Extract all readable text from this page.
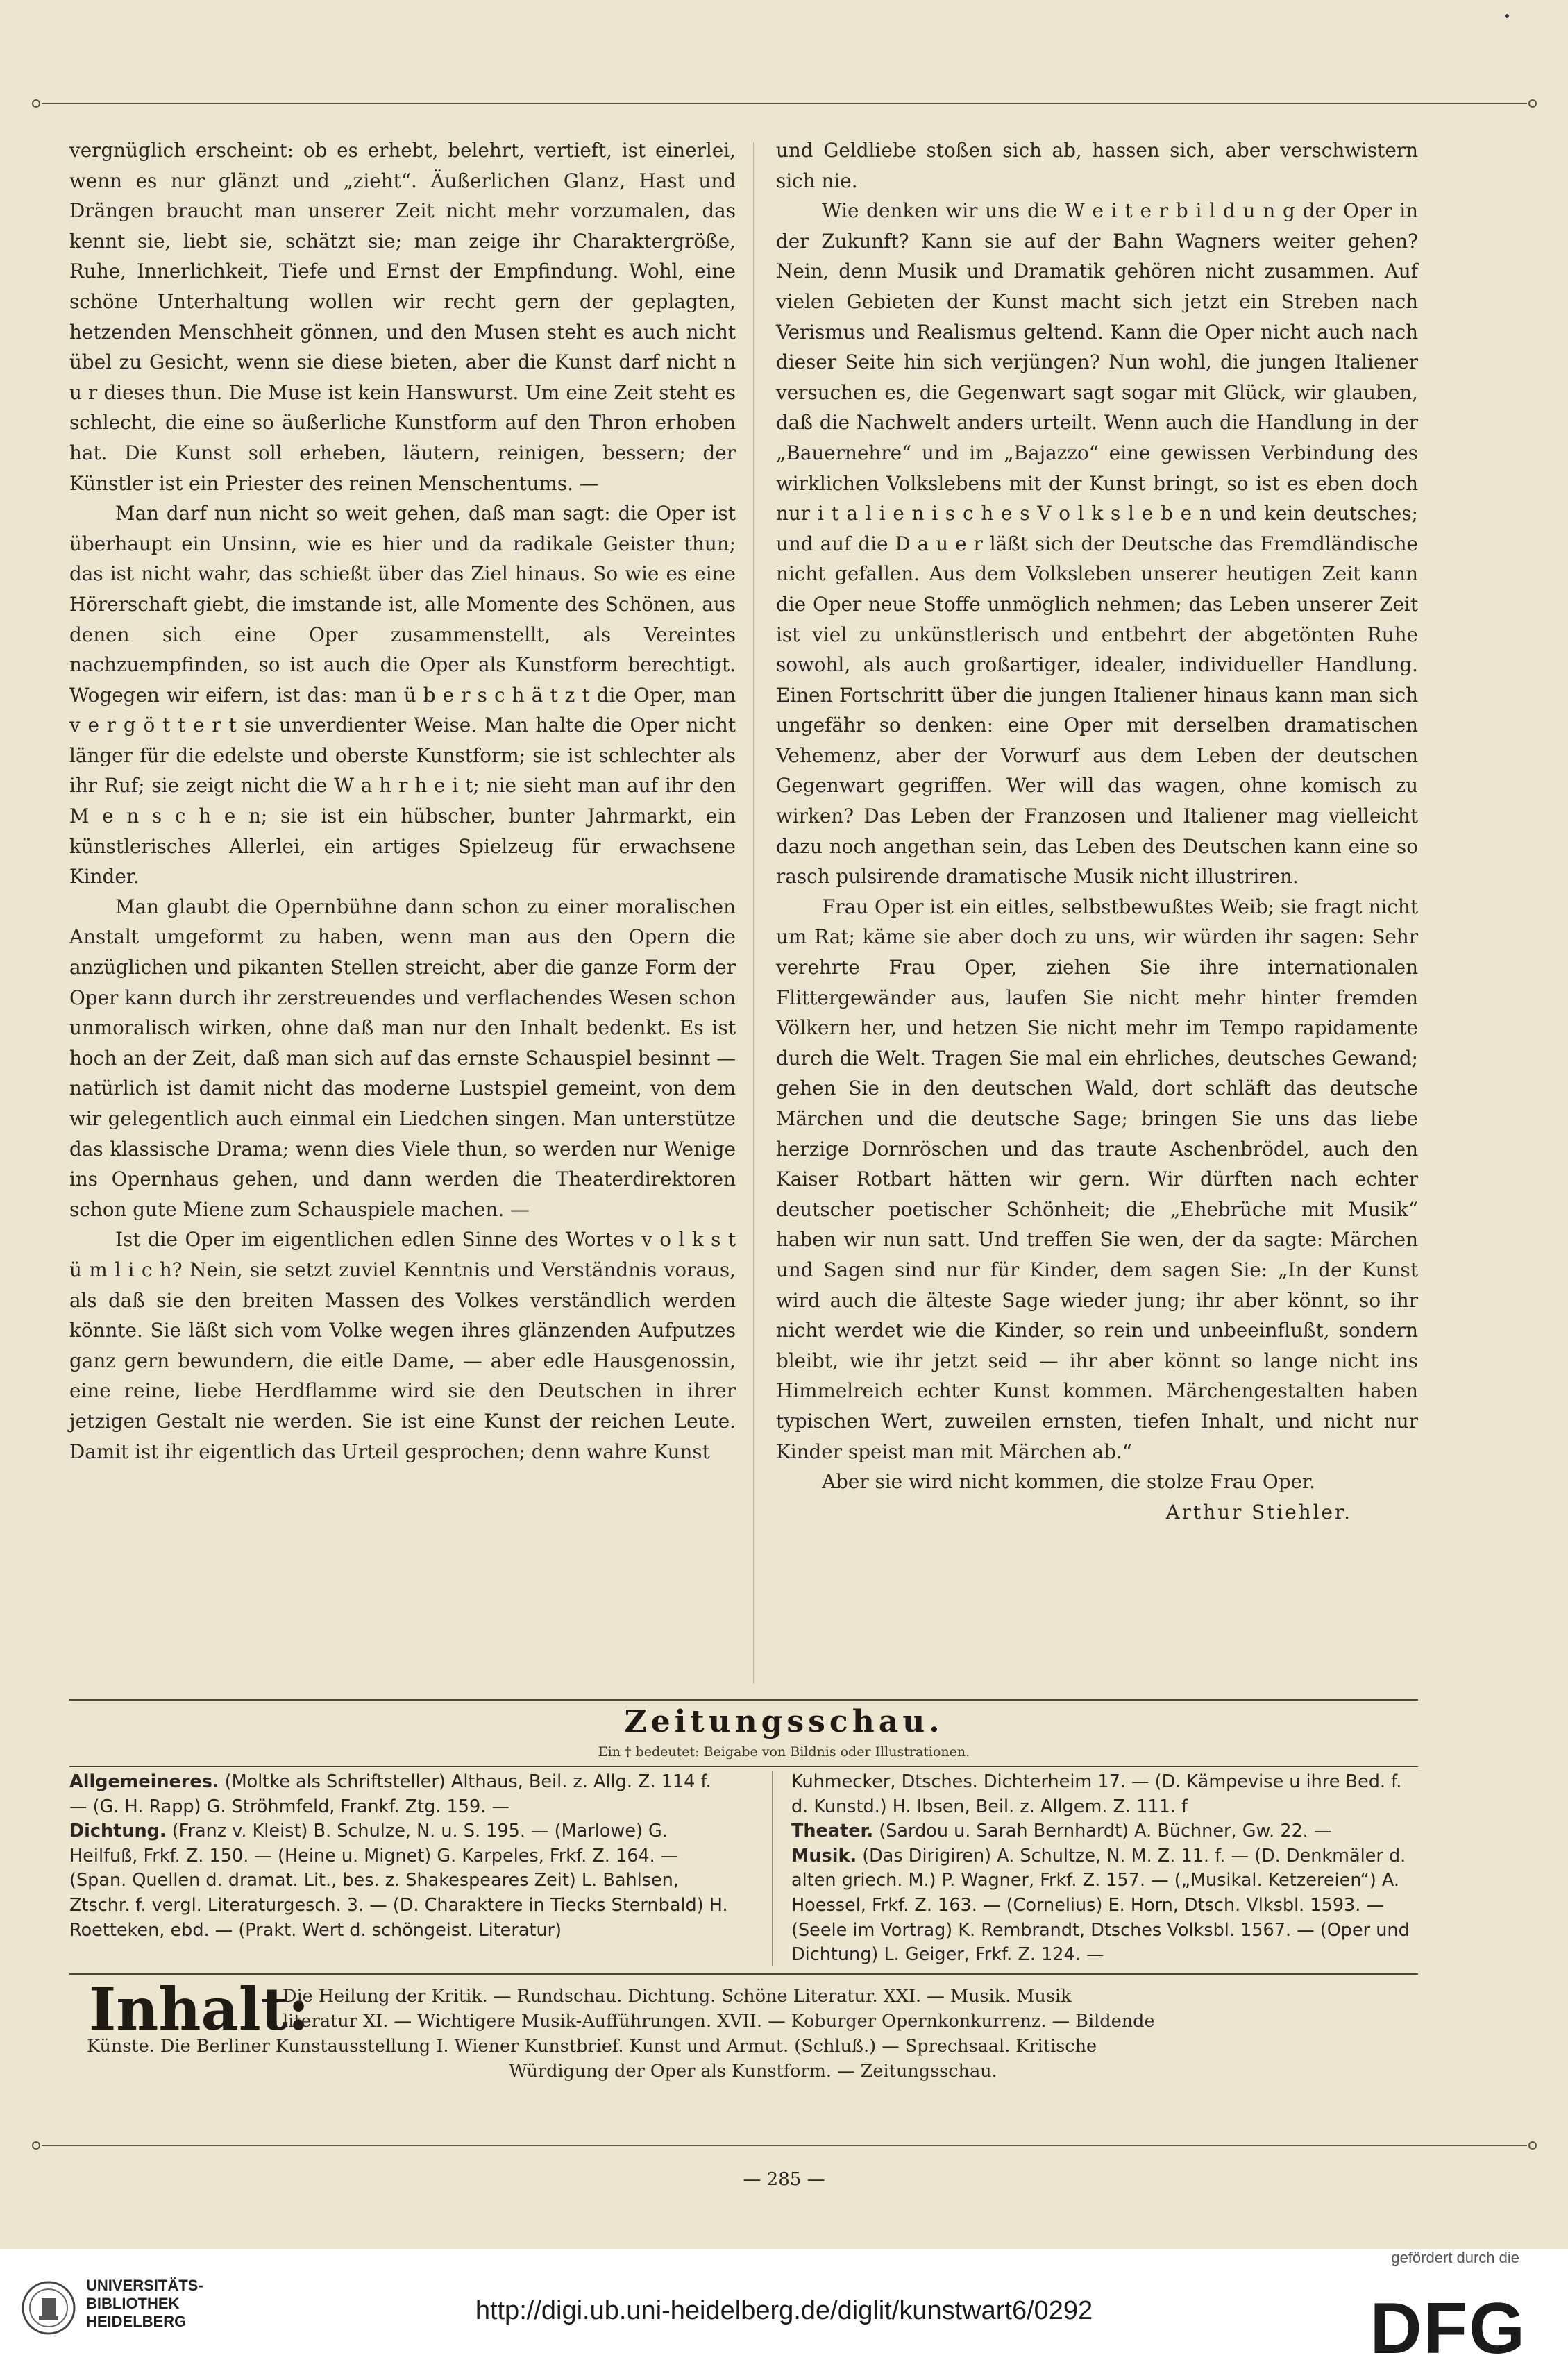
vergnüglich erscheint: ob es erhebt, belehrt, vertieft, ist einerlei, wenn es nur glänzt und „zieht“. Äußerlichen Glanz, Hast und Drängen braucht man unserer Zeit nicht mehr vorzumalen, das kennt sie, liebt sie, schätzt sie; man zeige ihr Charaktergröße, Ruhe, Innerlichkeit, Tiefe und Ernst der Empfindung. Wohl, eine schöne Unterhaltung wollen wir recht gern der geplagten, hetzenden Menschheit gönnen, und den Musen steht es auch nicht übel zu Gesicht, wenn sie diese bieten, aber die Kunst darf nicht n u r dieses thun. Die Muse ist kein Hanswurst. Um eine Zeit steht es schlecht, die eine so äußerliche Kunstform auf den Thron erhoben hat. Die Kunst soll erheben, läutern, reinigen, bessern; der Künstler ist ein Priester des reinen Menschentums. —

Man darf nun nicht so weit gehen, daß man sagt: die Oper ist überhaupt ein Unsinn, wie es hier und da radikale Geister thun; das ist nicht wahr, das schießt über das Ziel hinaus. So wie es eine Hörerschaft giebt, die imstande ist, alle Momente des Schönen, aus denen sich eine Oper zusammenstellt, als Vereintes nachzuempfinden, so ist auch die Oper als Kunstform berechtigt. Wogegen wir eifern, ist das: man ü b e r s c h ä t z t die Oper, man v e r g ö t t e r t sie unverdienter Weise. Man halte die Oper nicht länger für die edelste und oberste Kunstform; sie ist schlechter als ihr Ruf; sie zeigt nicht die W a h r h e i t; nie sieht man auf ihr den M e n s c h e n; sie ist ein hübscher, bunter Jahrmarkt, ein künstlerisches Allerlei, ein artiges Spielzeug für erwachsene Kinder.

Man glaubt die Opernbühne dann schon zu einer moralischen Anstalt umgeformt zu haben, wenn man aus den Opern die anzüglichen und pikanten Stellen streicht, aber die ganze Form der Oper kann durch ihr zerstreuendes und verflachendes Wesen schon unmoralisch wirken, ohne daß man nur den Inhalt bedenkt. Es ist hoch an der Zeit, daß man sich auf das ernste Schauspiel besinnt — natürlich ist damit nicht das moderne Lustspiel gemeint, von dem wir gelegentlich auch einmal ein Liedchen singen. Man unterstütze das klassische Drama; wenn dies Viele thun, so werden nur Wenige ins Opernhaus gehen, und dann werden die Theaterdirektoren schon gute Miene zum Schauspiele machen. —

Ist die Oper im eigentlichen edlen Sinne des Wortes v o l k s t ü m l i c h? Nein, sie setzt zuviel Kenntnis und Verständnis voraus, als daß sie den breiten Massen des Volkes verständlich werden könnte. Sie läßt sich vom Volke wegen ihres glänzenden Aufputzes ganz gern bewundern, die eitle Dame, — aber edle Hausgenossin, eine reine, liebe Herdflamme wird sie den Deutschen in ihrer jetzigen Gestalt nie werden. Sie ist eine Kunst der reichen Leute. Damit ist ihr eigentlich das Urteil gesprochen; denn wahre Kunst

und Geldliebe stoßen sich ab, hassen sich, aber verschwistern sich nie.

Wie denken wir uns die W e i t e r b i l d u n g der Oper in der Zukunft? Kann sie auf der Bahn Wagners weiter gehen? Nein, denn Musik und Dramatik gehören nicht zusammen. Auf vielen Gebieten der Kunst macht sich jetzt ein Streben nach Verismus und Realismus geltend. Kann die Oper nicht auch nach dieser Seite hin sich verjüngen? Nun wohl, die jungen Italiener versuchen es, die Gegenwart sagt sogar mit Glück, wir glauben, daß die Nachwelt anders urteilt. Wenn auch die Handlung in der „Bauernehre“ und im „Bajazzo“ eine gewissen Verbindung des wirklichen Volkslebens mit der Kunst bringt, so ist es eben doch nur i t a l i e n i s c h e s V o l k s l e b e n und kein deutsches; und auf die D a u e r läßt sich der Deutsche das Fremdländische nicht gefallen. Aus dem Volksleben unserer heutigen Zeit kann die Oper neue Stoffe unmöglich nehmen; das Leben unserer Zeit ist viel zu unkünstlerisch und entbehrt der abgetönten Ruhe sowohl, als auch großartiger, idealer, individueller Handlung. Einen Fortschritt über die jungen Italiener hinaus kann man sich ungefähr so denken: eine Oper mit derselben dramatischen Vehemenz, aber der Vorwurf aus dem Leben der deutschen Gegenwart gegriffen. Wer will das wagen, ohne komisch zu wirken? Das Leben der Franzosen und Italiener mag vielleicht dazu noch angethan sein, das Leben des Deutschen kann eine so rasch pulsirende dramatische Musik nicht illustriren.

Frau Oper ist ein eitles, selbstbewußtes Weib; sie fragt nicht um Rat; käme sie aber doch zu uns, wir würden ihr sagen: Sehr verehrte Frau Oper, ziehen Sie ihre internationalen Flittergewänder aus, laufen Sie nicht mehr hinter fremden Völkern her, und hetzen Sie nicht mehr im Tempo rapidamente durch die Welt. Tragen Sie mal ein ehrliches, deutsches Gewand; gehen Sie in den deutschen Wald, dort schläft das deutsche Märchen und die deutsche Sage; bringen Sie uns das liebe herzige Dornröschen und das traute Aschenbrödel, auch den Kaiser Rotbart hätten wir gern. Wir dürften nach echter deutscher poetischer Schönheit; die „Ehebrüche mit Musik“ haben wir nun satt. Und treffen Sie wen, der da sagte: Märchen und Sagen sind nur für Kinder, dem sagen Sie: „In der Kunst wird auch die älteste Sage wieder jung; ihr aber könnt, so ihr nicht werdet wie die Kinder, so rein und unbeeinflußt, sondern bleibt, wie ihr jetzt seid — ihr aber könnt so lange nicht ins Himmelreich echter Kunst kommen. Märchengestalten haben typischen Wert, zuweilen ernsten, tiefen Inhalt, und nicht nur Kinder speist man mit Märchen ab.“

Aber sie wird nicht kommen, die stolze Frau Oper.

Arthur Stiehler.

Zeitungsschau.
Ein † bedeutet: Beigabe von Bildnis oder Illustrationen.

Allgemeineres. (Moltke als Schriftsteller) Althaus, Beil. z. Allg. Z. 114 f. — (G. H. Rapp) G. Ströhmfeld, Frankf. Ztg. 159. —

Dichtung. (Franz v. Kleist) B. Schulze, N. u. S. 195. — (Marlowe) G. Heilfuß, Frkf. Z. 150. — (Heine u. Mignet) G. Karpeles, Frkf. Z. 164. — (Span. Quellen d. dramat. Lit., bes. z. Shakespeares Zeit) L. Bahlsen, Ztschr. f. vergl. Literaturgesch. 3. — (D. Charaktere in Tiecks Sternbald) H. Roetteken, ebd. — (Prakt. Wert d. schöngeist. Literatur)

Kuhmecker, Dtsches. Dichterheim 17. — (D. Kämpevise u ihre Bed. f. d. Kunstd.) H. Ibsen, Beil. z. Allgem. Z. 111. f

Theater. (Sardou u. Sarah Bernhardt) A. Büchner, Gw. 22. —

Musik. (Das Dirigiren) A. Schultze, N. M. Z. 11. f. — (D. Denkmäler d. alten griech. M.) P. Wagner, Frkf. Z. 157. — („Musikal. Ketzereien“) A. Hoessel, Frkf. Z. 163. — (Cornelius) E. Horn, Dtsch. Vlksbl. 1593. — (Seele im Vortrag) K. Rembrandt, Dtsches Volksbl. 1567. — (Oper und Dichtung) L. Geiger, Frkf. Z. 124. —

Inhalt:
Die Heilung der Kritik. — Rundschau. Dichtung. Schöne Literatur. XXI. — Musik. Musik
literatur XI. — Wichtigere Musik-Aufführungen. XVII. — Koburger Opernkonkurrenz. — Bildende
Künste. Die Berliner Kunstausstellung I. Wiener Kunstbrief. Kunst und Armut. (Schluß.) — Sprechsaal. Kritische
Würdigung der Oper als Kunstform. — Zeitungsschau.
— 285 —
UNIVERSITÄTS-
BIBLIOTHEK
HEIDELBERG	http://digi.ub.uni-heidelberg.de/diglit/kunstwart6/0292
gefördert durch die
DFG
